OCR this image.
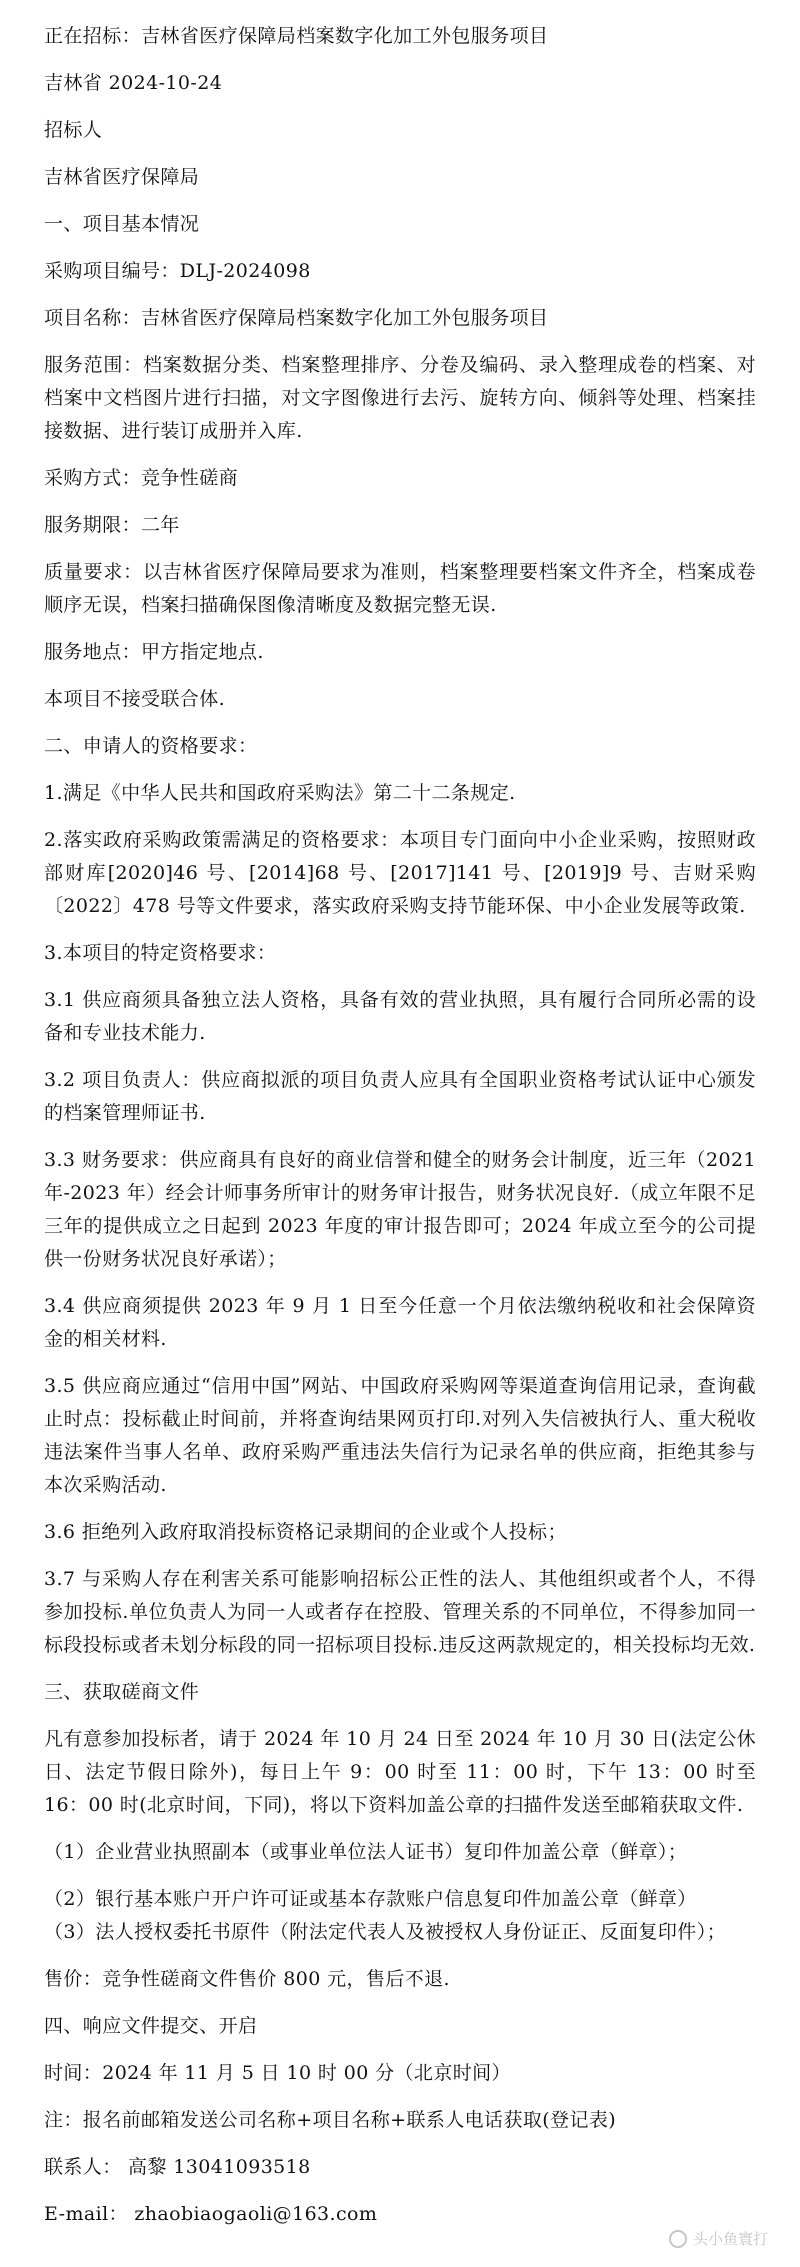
正在招标：吉林省医疗保障局档案数字化加工外包服务项目

吉林省 2024-10-24

招标人

吉林省医疗保障局

一、项目基本情况

采购项目编号：DLJ-2024098

项目名称：吉林省医疗保障局档案数字化加工外包服务项目

服务范围：档案数据分类、档案整理排序、分卷及编码、录入整理成卷的档案、对档案中文档图片进行扫描，对文字图像进行去污、旋转方向、倾斜等处理、档案挂接数据、进行装订成册并入库.

采购方式：竞争性磋商

服务期限：二年

质量要求：以吉林省医疗保障局要求为准则，档案整理要档案文件齐全，档案成卷顺序无误，档案扫描确保图像清晰度及数据完整无误.

服务地点：甲方指定地点.

本项目不接受联合体.

二、申请人的资格要求：

1.满足《中华人民共和国政府采购法》第二十二条规定.

2.落实政府采购政策需满足的资格要求：本项目专门面向中小企业采购，按照财政部财库[2020]46 号、[2014]68 号、[2017]141 号、[2019]9 号、吉财采购〔2022〕478 号等文件要求，落实政府采购支持节能环保、中小企业发展等政策.

3.本项目的特定资格要求：

3.1 供应商须具备独立法人资格，具备有效的营业执照，具有履行合同所必需的设备和专业技术能力.

3.2 项目负责人：供应商拟派的项目负责人应具有全国职业资格考试认证中心颁发的档案管理师证书.

3.3 财务要求：供应商具有良好的商业信誉和健全的财务会计制度，近三年（2021年-2023 年）经会计师事务所审计的财务审计报告，财务状况良好.（成立年限不足三年的提供成立之日起到 2023 年度的审计报告即可；2024 年成立至今的公司提供一份财务状况良好承诺）；

3.4 供应商须提供 2023 年 9 月 1 日至今任意一个月依法缴纳税收和社会保障资金的相关材料.

3.5 供应商应通过“信用中国”网站、中国政府采购网等渠道查询信用记录，查询截止时点：投标截止时间前，并将查询结果网页打印.对列入失信被执行人、重大税收违法案件当事人名单、政府采购严重违法失信行为记录名单的供应商，拒绝其参与本次采购活动.

3.6 拒绝列入政府取消投标资格记录期间的企业或个人投标；

3.7 与采购人存在利害关系可能影响招标公正性的法人、其他组织或者个人，不得参加投标.单位负责人为同一人或者存在控股、管理关系的不同单位，不得参加同一标段投标或者未划分标段的同一招标项目投标.违反这两款规定的，相关投标均无效.

三、获取磋商文件

凡有意参加投标者，请于 2024 年 10 月 24 日至 2024 年 10 月 30 日(法定公休日、法定节假日除外)，每日上午 9：00 时至 11：00 时，下午 13：00 时至 16：00 时(北京时间，下同)，将以下资料加盖公章的扫描件发送至邮箱获取文件.

（1）企业营业执照副本（或事业单位法人证书）复印件加盖公章（鲜章）；

（2）银行基本账户开户许可证或基本存款账户信息复印件加盖公章（鲜章）

（3）法人授权委托书原件（附法定代表人及被授权人身份证正、反面复印件）；

售价：竞争性磋商文件售价 800 元，售后不退.

四、响应文件提交、开启

时间：2024 年 11 月 5 日 10 时 00 分（北京时间）

注：报名前邮箱发送公司名称+项目名称+联系人电话获取(登记表)

联系人： 高黎 13041093518

E-mail： zhaobiaogaoli@163.com

头小鱼寰打
